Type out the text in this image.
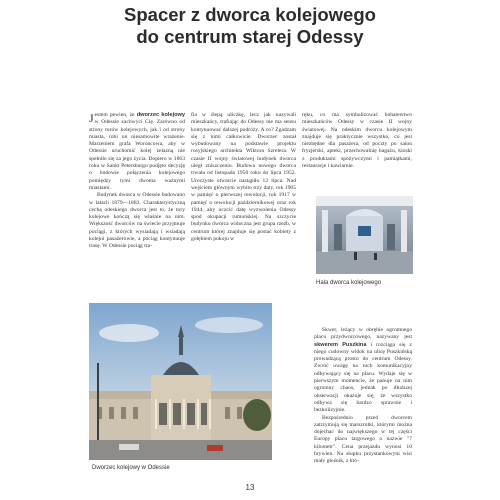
Spacer z dworca kolejowego
do centrum starej Odessy

Jestem pewien, że dworzec kolejowy w Odessie zachwyci Cię. Zarówno od strony torów kolejowych, jak i od strony miasta, robi on niesamowite wrażenie. Marzeniem grafa Woroncowa, aby w Odessie uruchomić kolej żelazną nie spełniło się za jego życia. Dopiero w 1863 roku w Sankt Petersburgu podjęto decyzję o budowie połączenia kolejowego pomiędzy tymi dwoma ważnymi miastami.

Budynek dworca w Odessie budowano w latach 1879—1883. Charakterystyczną cechą odeskiego dworca jest to, że tory kolejowe kończą się właśnie na nim. Większość dworców na świecie przyjmuje pociągi, z których wysiadają i wsiadają kolejni pasażerowie, a pociąg kontynuuje trasę. W Odessie pociąg tra-

fia w ślepą uliczkę, lecz jak nazywali mieszkańcy, trafiając do Odessy nie ma sensu kontynuować dalszej podróży. A co? Zgadzam się z nimi całkowicie. Dworzec został wybudowany na podstawie projektu rosyjskiego architekta Wiktora Szretera. W czasie II wojny światowej budynek dworca uległ zniszczeniu. Budowa nowego dworca trwała od listopada 1950 roku do lipca 1952. Uroczyste otwarcie nastąpiło 12 lipca. Nad wejściem głównym wybito trzy daty, rok 1905 w pamięć o pierwszej rewolucji, rok 1917 w pamięć o rewolucji październikowej oraz rok 1944, aby uczcić datę wyzwolenia Odessy spod okupacji rumuńskiej. Na szczycie budynku dworca widoczna jest grupa rzeźb, w centrum której znajduje się postać kobiety z gołębiem pokoju w

ręku, co ma symbolizować bohaterstwo mieszkańców Odessy w czasie II wojny światowej. Na odeskim dworcu kolejowym znajduje się praktycznie wszystko, co jest niezbędne dla pasażera, od poczty po salon fryzjerski, apteki, przechowalnię bagażu, kioski z produktami spożywczymi i pamiątkami, restauracje i kawiarnie.

Hala dworca kolejowego

Skwer, leżący w obrębie ogromnego placu przydworcowego, nazywany jest skwerem Puszkina i rozciąga się z niego cudowny widok na ulicę Puszkińską prowadzącą prosto do centrum Odessy. Zwróć uwagę na ruch komunikacyjny odbywający się na placu. Wydaje się w pierwszym momencie, że panuje na nim ogromny chaos, jednak po dłuższej obserwacji okazuje się, że wszystko odbywa się bardzo sprawnie i bezkolizyjnie.

Bezpośrednio przed dworcem zatrzymują się marszrutki, którymi można dojechać do największego w tej części Europy placu targowego o nazwie "7 kilometr". Cena przejazdu wynosi 10 hrywien. Na słupku przystankowym wisi mały głośnik, z któ-

Dworzec kolejowy w Odessie
13
